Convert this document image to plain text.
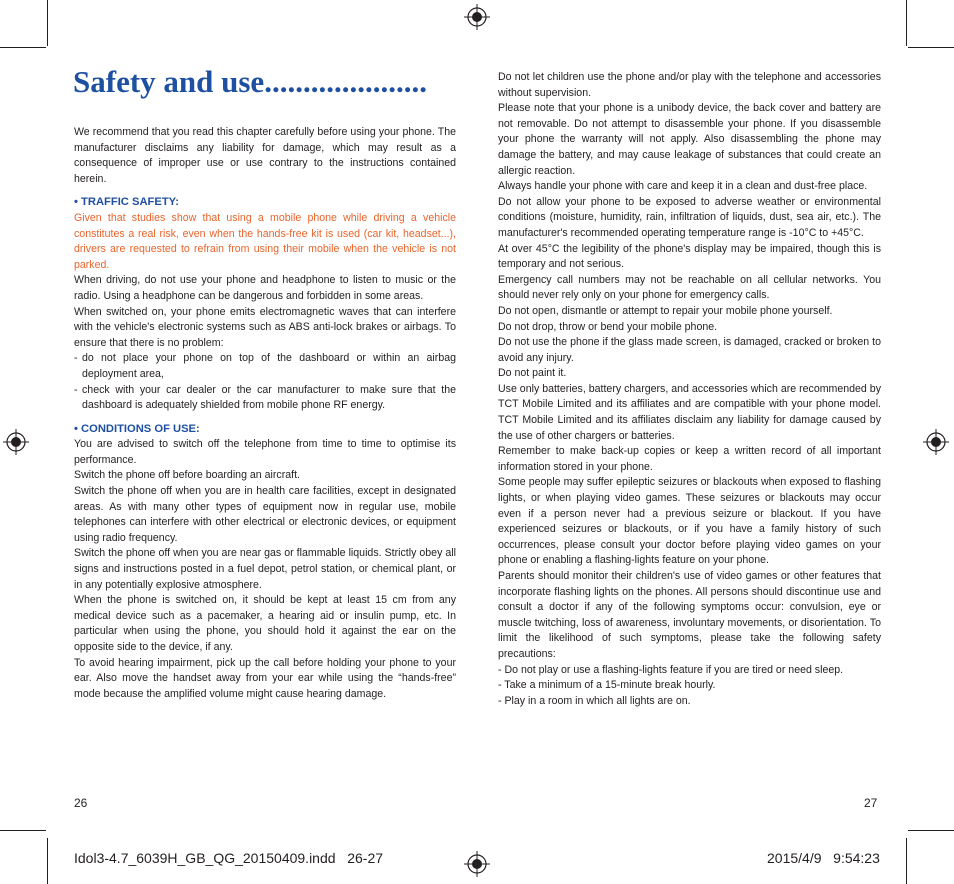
Safety and use.....................

We recommend that you read this chapter carefully before using your phone. The manufacturer disclaims any liability for damage, which may result as a consequence of improper use or use contrary to the instructions contained herein.

• TRAFFIC SAFETY:

Given that studies show that using a mobile phone while driving a vehicle constitutes a real risk, even when the hands-free kit is used (car kit, headset...), drivers are requested to refrain from using their mobile when the vehicle is not parked.

When driving, do not use your phone and headphone to listen to music or the radio. Using a headphone can be dangerous and forbidden in some areas.

When switched on, your phone emits electromagnetic waves that can interfere with the vehicle's electronic systems such as ABS anti-lock brakes or airbags. To ensure that there is no problem:

- do not place your phone on top of the dashboard or within an airbag deployment area,
- check with your car dealer or the car manufacturer to make sure that the dashboard is adequately shielded from mobile phone RF energy.

• CONDITIONS OF USE:

You are advised to switch off the telephone from time to time to optimise its performance.

Switch the phone off before boarding an aircraft.

Switch the phone off when you are in health care facilities, except in designated areas. As with many other types of equipment now in regular use, mobile telephones can interfere with other electrical or electronic devices, or equipment using radio frequency.

Switch the phone off when you are near gas or flammable liquids. Strictly obey all signs and instructions posted in a fuel depot, petrol station, or chemical plant, or in any potentially explosive atmosphere.

When the phone is switched on, it should be kept at least 15 cm from any medical device such as a pacemaker, a hearing aid or insulin pump, etc. In particular when using the phone, you should hold it against the ear on the opposite side to the device, if any.

To avoid hearing impairment, pick up the call before holding your phone to your ear. Also move the handset away from your ear while using the “hands-free” mode because the amplified volume might cause hearing damage.

Do not let children use the phone and/or play with the telephone and accessories without supervision.

Please note that your phone is a unibody device, the back cover and battery are not removable. Do not attempt to disassemble your phone. If you disassemble your phone the warranty will not apply. Also disassembling the phone may damage the battery, and may cause leakage of substances that could create an allergic reaction.

Always handle your phone with care and keep it in a clean and dust-free place.

Do not allow your phone to be exposed to adverse weather or environmental conditions (moisture, humidity, rain, infiltration of liquids, dust, sea air, etc.). The manufacturer's recommended operating temperature range is -10°C to +45°C.

At over 45°C the legibility of the phone's display may be impaired, though this is temporary and not serious.

Emergency call numbers may not be reachable on all cellular networks. You should never rely only on your phone for emergency calls.

Do not open, dismantle or attempt to repair your mobile phone yourself.

Do not drop, throw or bend your mobile phone.

Do not use the phone if the glass made screen, is damaged, cracked or broken to avoid any injury.

Do not paint it.

Use only batteries, battery chargers, and accessories which are recommended by TCT Mobile Limited and its affiliates and are compatible with your phone model. TCT Mobile Limited and its affiliates disclaim any liability for damage caused by the use of other chargers or batteries.

Remember to make back-up copies or keep a written record of all important information stored in your phone.

Some people may suffer epileptic seizures or blackouts when exposed to flashing lights, or when playing video games. These seizures or blackouts may occur even if a person never had a previous seizure or blackout. If you have experienced seizures or blackouts, or if you have a family history of such occurrences, please consult your doctor before playing video games on your phone or enabling a flashing-lights feature on your phone.

Parents should monitor their children's use of video games or other features that incorporate flashing lights on the phones. All persons should discontinue use and consult a doctor if any of the following symptoms occur: convulsion, eye or muscle twitching, loss of awareness, involuntary movements, or disorientation. To limit the likelihood of such symptoms, please take the following safety precautions:

- Do not play or use a flashing-lights feature if you are tired or need sleep.

- Take a minimum of a 15-minute break hourly.

- Play in a room in which all lights are on.

26	27
Idol3-4.7_6039H_GB_QG_20150409.indd   26-27	2015/4/9   9:54:23
